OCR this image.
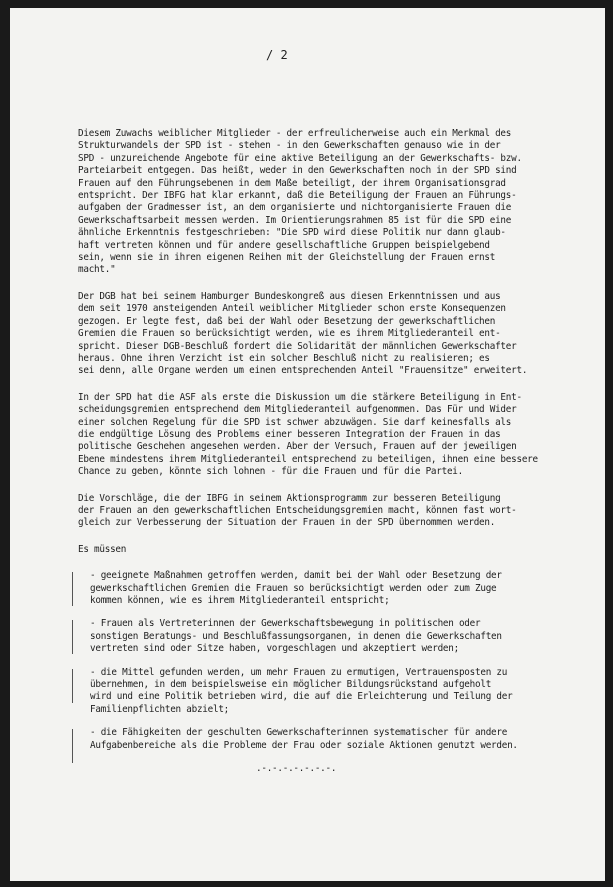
/ 2

Diesem Zuwachs weiblicher Mitglieder - der erfreulicherweise auch ein Merkmal des
Strukturwandels der SPD ist - stehen - in den Gewerkschaften genauso wie in der
SPD - unzureichende Angebote für eine aktive Beteiligung an der Gewerkschafts- bzw.
Parteiarbeit entgegen. Das heißt, weder in den Gewerkschaften noch in der SPD sind
Frauen auf den Führungsebenen in dem Maße beteiligt, der ihrem Organisationsgrad
entspricht. Der IBFG hat klar erkannt, daß die Beteiligung der Frauen an Führungs-
aufgaben der Gradmesser ist, an dem organisierte und nichtorganisierte Frauen die
Gewerkschaftsarbeit messen werden. Im Orientierungsrahmen 85 ist für die SPD eine
ähnliche Erkenntnis festgeschrieben: "Die SPD wird diese Politik nur dann glaub-
haft vertreten können und für andere gesellschaftliche Gruppen beispielgebend
sein, wenn sie in ihren eigenen Reihen mit der Gleichstellung der Frauen ernst
macht."

Der DGB hat bei seinem Hamburger Bundeskongreß aus diesen Erkenntnissen und aus
dem seit 1970 ansteigenden Anteil weiblicher Mitglieder schon erste Konsequenzen
gezogen. Er legte fest, daß bei der Wahl oder Besetzung der gewerkschaftlichen
Gremien die Frauen so berücksichtigt werden, wie es ihrem Mitgliederanteil ent-
spricht. Dieser DGB-Beschluß fordert die Solidarität der männlichen Gewerkschafter
heraus. Ohne ihren Verzicht ist ein solcher Beschluß nicht zu realisieren; es
sei denn, alle Organe werden um einen entsprechenden Anteil "Frauensitze" erweitert.

In der SPD hat die ASF als erste die Diskussion um die stärkere Beteiligung in Ent-
scheidungsgremien entsprechend dem Mitgliederanteil aufgenommen. Das Für und Wider
einer solchen Regelung für die SPD ist schwer abzuwägen. Sie darf keinesfalls als
die endgültige Lösung des Problems einer besseren Integration der Frauen in das
politische Geschehen angesehen werden. Aber der Versuch, Frauen auf der jeweiligen
Ebene mindestens ihrem Mitgliederanteil entsprechend zu beteiligen, ihnen eine bessere
Chance zu geben, könnte sich lohnen - für die Frauen und für die Partei.

Die Vorschläge, die der IBFG in seinem Aktionsprogramm zur besseren Beteiligung
der Frauen an den gewerkschaftlichen Entscheidungsgremien macht, können fast wort-
gleich zur Verbesserung der Situation der Frauen in der SPD übernommen werden.

Es müssen

- geeignete Maßnahmen getroffen werden, damit bei der Wahl oder Besetzung der
gewerkschaftlichen Gremien die Frauen so berücksichtigt werden oder zum Zuge
kommen können, wie es ihrem Mitgliederanteil entspricht;
- Frauen als Vertreterinnen der Gewerkschaftsbewegung in politischen oder
sonstigen Beratungs- und Beschlußfassungsorganen, in denen die Gewerkschaften
vertreten sind oder Sitze haben, vorgeschlagen und akzeptiert werden;
- die Mittel gefunden werden, um mehr Frauen zu ermutigen, Vertrauensposten zu
übernehmen, in dem beispielsweise ein möglicher Bildungsrückstand aufgeholt
wird und eine Politik betrieben wird, die auf die Erleichterung und Teilung der
Familienpflichten abzielt;
- die Fähigkeiten der geschulten Gewerkschafterinnen systematischer für andere
Aufgabenbereiche als die Probleme der Frau oder soziale Aktionen genutzt werden.
.-.-.-.-.-.-.-.
